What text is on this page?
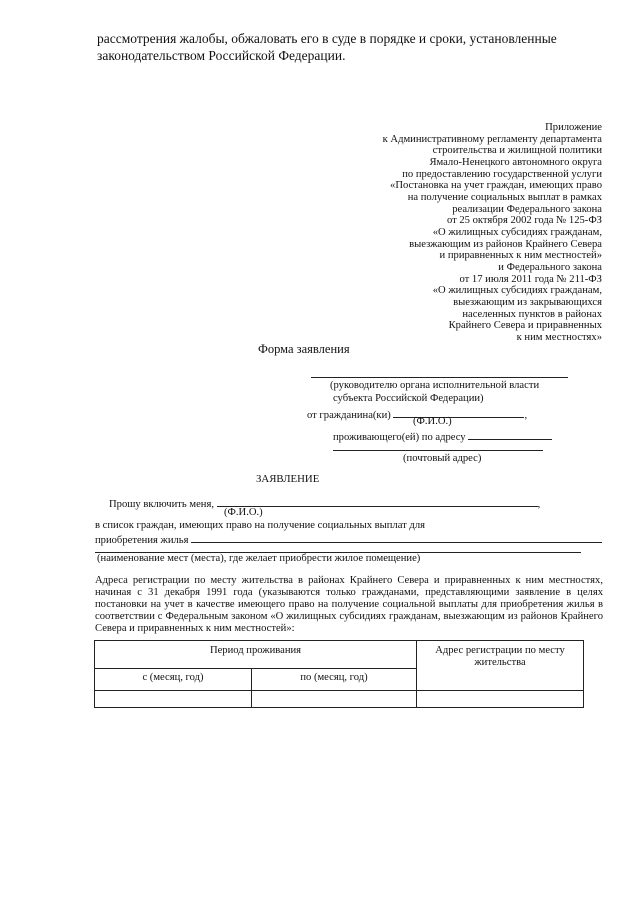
рассмотрения жалобы, обжаловать его в суде в порядке и сроки, установленные
законодательством Российской Федерации.
Приложение
к Административному регламенту департамента
строительства и жилищной политики
Ямало-Ненецкого автономного округа
по предоставлению государственной услуги
«Постановка на учет граждан, имеющих право
на получение социальных выплат в рамках
реализации Федерального закона
от 25 октября 2002 года № 125-ФЗ
«О жилищных субсидиях гражданам,
выезжающим из районов Крайнего Севера
и приравненных к ним местностей»
и Федерального закона
от 17 июля 2011 года № 211-ФЗ
«О жилищных субсидиях гражданам,
выезжающим из закрывающихся
населенных пунктов в районах
Крайнего Севера и приравненных
к ним местностях»
Форма заявления
(руководителю органа исполнительной власти
субъекта Российской Федерации)
от гражданина(ки)	,
(Ф.И.О.)
проживающего(ей) по адресу
(почтовый адрес)
ЗАЯВЛЕНИЕ
Прошу включить меня,	,
(Ф.И.О.)
в список граждан, имеющих право на получение социальных выплат для
приобретения жилья
(наименование мест (места), где желает приобрести жилое помещение)
Адреса регистрации по месту жительства в районах Крайнего Севера и приравненных к ним местностях, начиная с 31 декабря 1991 года (указываются только гражданами, представляющими заявление в целях постановки на учет в качестве имеющего право на получение социальной выплаты для приобретения жилья в соответствии с Федеральным законом «О жилищных субсидиях гражданам, выезжающим из районов Крайнего Севера и приравненных к ним местностей»:
Период проживания		Адрес регистрации по месту жительства
с (месяц, год)	по (месяц, год)	
